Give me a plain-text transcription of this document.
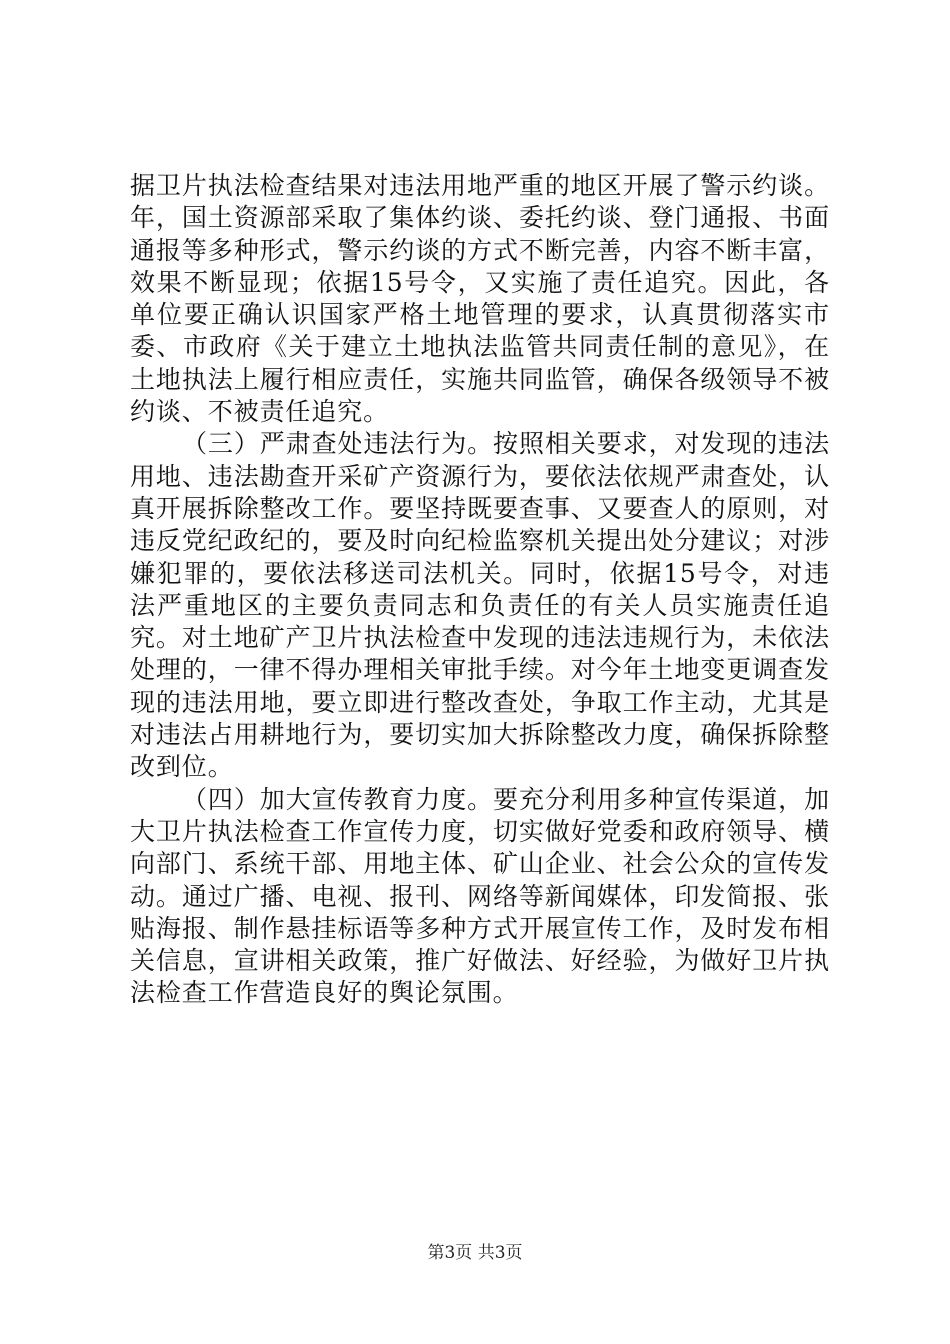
据卫片执法检查结果对违法用地严重的地区开展了警示约谈。年，国土资源部采取了集体约谈、委托约谈、登门通报、书面通报等多种形式，警示约谈的方式不断完善，内容不断丰富，效果不断显现；依据15号令，又实施了责任追究。因此，各单位要正确认识国家严格土地管理的要求，认真贯彻落实市委、市政府《关于建立土地执法监管共同责任制的意见》，在土地执法上履行相应责任，实施共同监管，确保各级领导不被约谈、不被责任追究。

（三）严肃查处违法行为。按照相关要求，对发现的违法用地、违法勘查开采矿产资源行为，要依法依规严肃查处，认真开展拆除整改工作。要坚持既要查事、又要查人的原则，对违反党纪政纪的，要及时向纪检监察机关提出处分建议；对涉嫌犯罪的，要依法移送司法机关。同时，依据15号令，对违法严重地区的主要负责同志和负责任的有关人员实施责任追究。对土地矿产卫片执法检查中发现的违法违规行为，未依法处理的，一律不得办理相关审批手续。对今年土地变更调查发现的违法用地，要立即进行整改查处，争取工作主动，尤其是对违法占用耕地行为，要切实加大拆除整改力度，确保拆除整改到位。

（四）加大宣传教育力度。要充分利用多种宣传渠道，加大卫片执法检查工作宣传力度，切实做好党委和政府领导、横向部门、系统干部、用地主体、矿山企业、社会公众的宣传发动。通过广播、电视、报刊、网络等新闻媒体，印发简报、张贴海报、制作悬挂标语等多种方式开展宣传工作，及时发布相关信息，宣讲相关政策，推广好做法、好经验，为做好卫片执法检查工作营造良好的舆论氛围。

第3页 共3页
